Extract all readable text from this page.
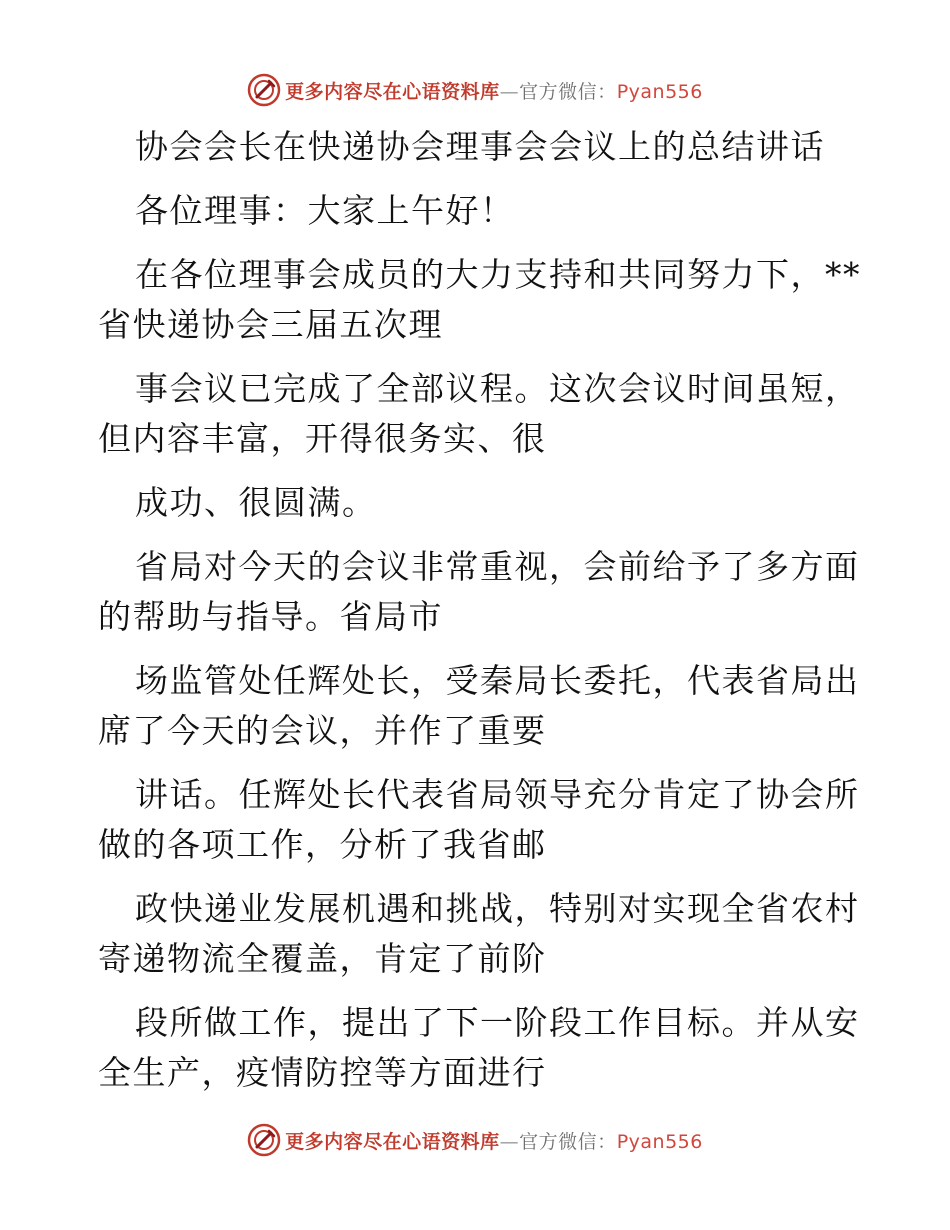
更多内容尽在心语资料库—官方微信：Pyan556
协会会长在快递协会理事会会议上的总结讲话
各位理事：大家上午好！
在各位理事会成员的大力支持和共同努力下，**
省快递协会三届五次理
事会议已完成了全部议程。这次会议时间虽短，
但内容丰富，开得很务实、很
成功、很圆满。
省局对今天的会议非常重视，会前给予了多方面
的帮助与指导。省局市
场监管处任辉处长，受秦局长委托，代表省局出
席了今天的会议，并作了重要
讲话。任辉处长代表省局领导充分肯定了协会所
做的各项工作，分析了我省邮
政快递业发展机遇和挑战，特别对实现全省农村
寄递物流全覆盖，肯定了前阶
段所做工作，提出了下一阶段工作目标。并从安
全生产，疫情防控等方面进行
更多内容尽在心语资料库—官方微信：Pyan556
